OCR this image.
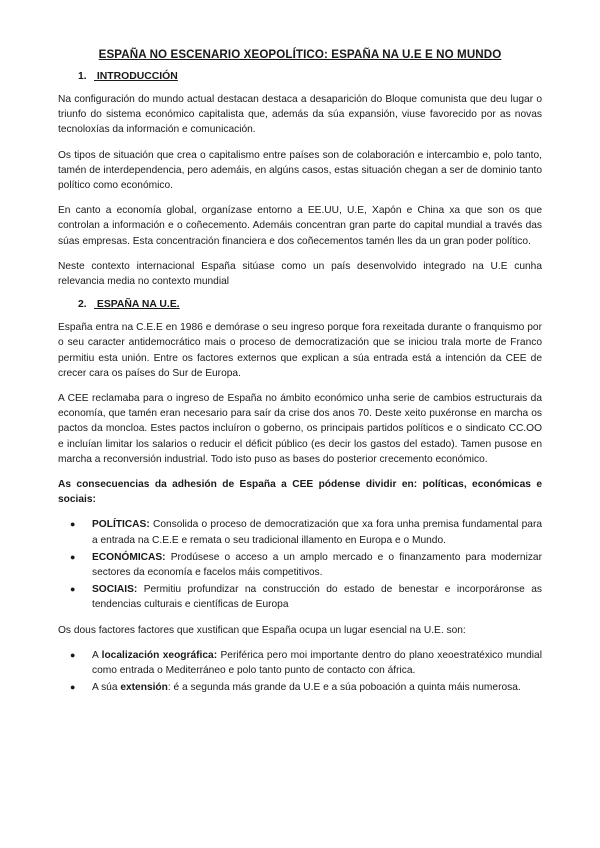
ESPAÑA NO ESCENARIO XEOPOLÍTICO: ESPAÑA NA U.E E NO MUNDO
1. INTRODUCCIÓN

Na configuración do mundo actual destacan destaca a desaparición do Bloque comunista que deu lugar o triunfo do sistema económico capitalista que, además da súa expansión, viuse favorecido por as novas tecnoloxías da información e comunicación.

Os tipos de situación que crea o capitalismo entre países son de colaboración e intercambio e, polo tanto, tamén de interdependencia, pero ademáis, en algúns casos, estas situación chegan a ser de dominio tanto político como económico.

En canto a economía global, organízase entorno a EE.UU, U.E, Xapón e China xa que son os que controlan a información e o coñecemento. Ademáis concentran gran parte do capital mundial a través das súas empresas. Esta concentración financiera e dos coñecementos tamén lles da un gran poder político.

Neste contexto internacional España sitúase como un país desenvolvido integrado na U.E cunha relevancia media no contexto mundial

2. ESPAÑA NA U.E.

España entra na C.E.E en 1986 e demórase o seu ingreso porque fora rexeitada durante o franquismo por o seu caracter antidemocrático mais o proceso de democratización que se iniciou trala morte de Franco permitiu esta unión. Entre os factores externos que explican a súa entrada está a intención da CEE de crecer cara os países do Sur de Europa.

A CEE reclamaba para o ingreso de España no ámbito económico unha serie de cambios estructurais da economía, que tamén eran necesario para saír da crise dos anos 70. Deste xeito puxéronse en marcha os pactos da moncloa. Estes pactos incluíron o goberno, os principais partidos políticos e o sindicato CC.OO e incluían limitar los salarios o reducir el déficit público (es decir los gastos del estado). Tamen pusose en marcha a reconversión industrial. Todo isto puso as bases do posterior crecemento económico.

As consecuencias da adhesión de España a CEE pódense dividir en: políticas, económicas e sociais:

● POLÍTICAS: Consolida o proceso de democratización que xa fora unha premisa fundamental para a entrada na C.E.E e remata o seu tradicional illamento en Europa e o Mundo.
● ECONÓMICAS: Prodúsese o acceso a un amplo mercado e o finanzamento para modernizar sectores da economía e facelos máis competitivos.
● SOCIAIS: Permitiu profundizar na construcción do estado de benestar e incorporáronse as tendencias culturais e científicas de Europa

Os dous factores factores que xustifican que España ocupa un lugar esencial na U.E. son:

● A localización xeográfica: Periférica pero moi importante dentro do plano xeoestratéxico mundial como entrada o Mediterráneo e polo tanto punto de contacto con áfrica.
● A súa extensión: é a segunda más grande da U.E e a súa poboación a quinta máis numerosa.
